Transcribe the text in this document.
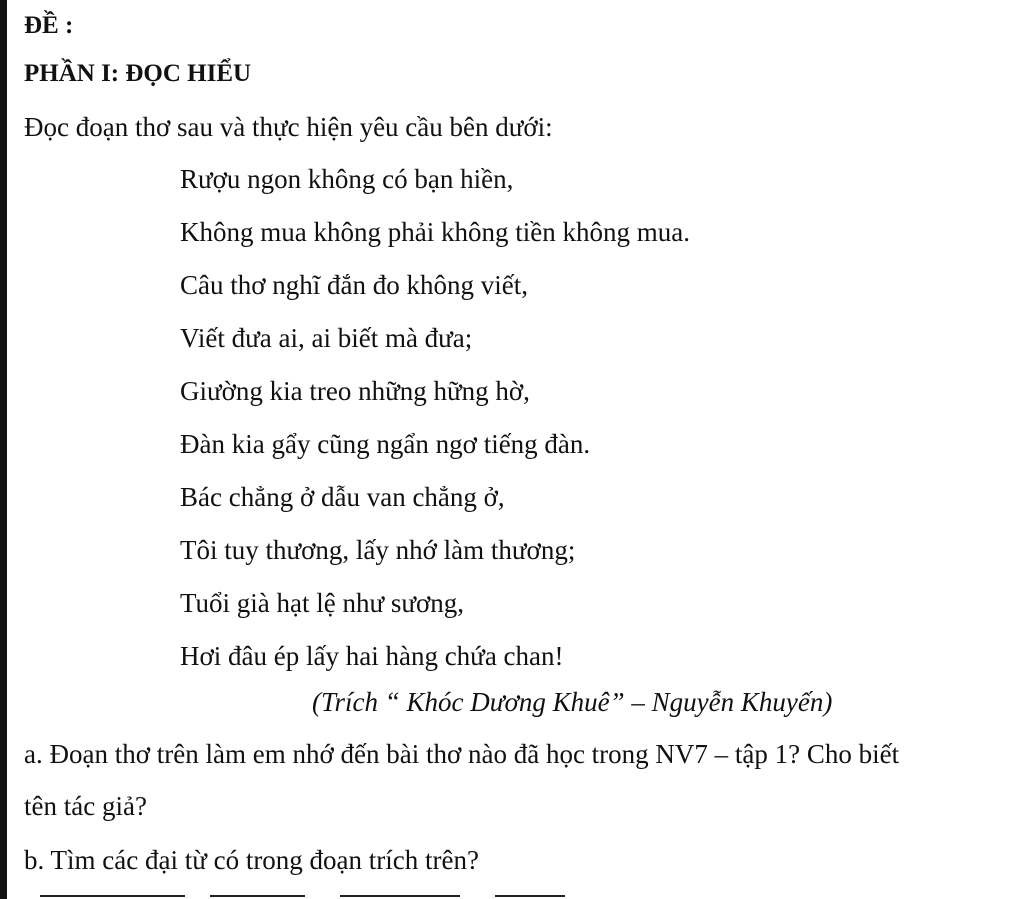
ĐỀ :
PHẦN I: ĐỌC HIỂU
Đọc đoạn thơ sau và thực hiện yêu cầu bên dưới:
Rượu ngon không có bạn hiền,
Không mua không phải không tiền không mua.
Câu thơ nghĩ đắn đo không viết,
Viết đưa ai, ai biết mà đưa;
Giường kia treo những hững hờ,
Đàn kia gẩy cũng ngẩn ngơ tiếng đàn.
Bác chẳng ở dẫu van chẳng ở,
Tôi tuy thương, lấy nhớ làm thương;
Tuổi già hạt lệ như sương,
Hơi đâu ép lấy hai hàng chứa chan!
(Trích “ Khóc Dương Khuê” – Nguyễn Khuyến)
a. Đoạn thơ trên làm em nhớ đến bài thơ nào đã học trong NV7 – tập 1? Cho biết
tên tác giả?
b. Tìm các đại từ có trong đoạn trích trên?
